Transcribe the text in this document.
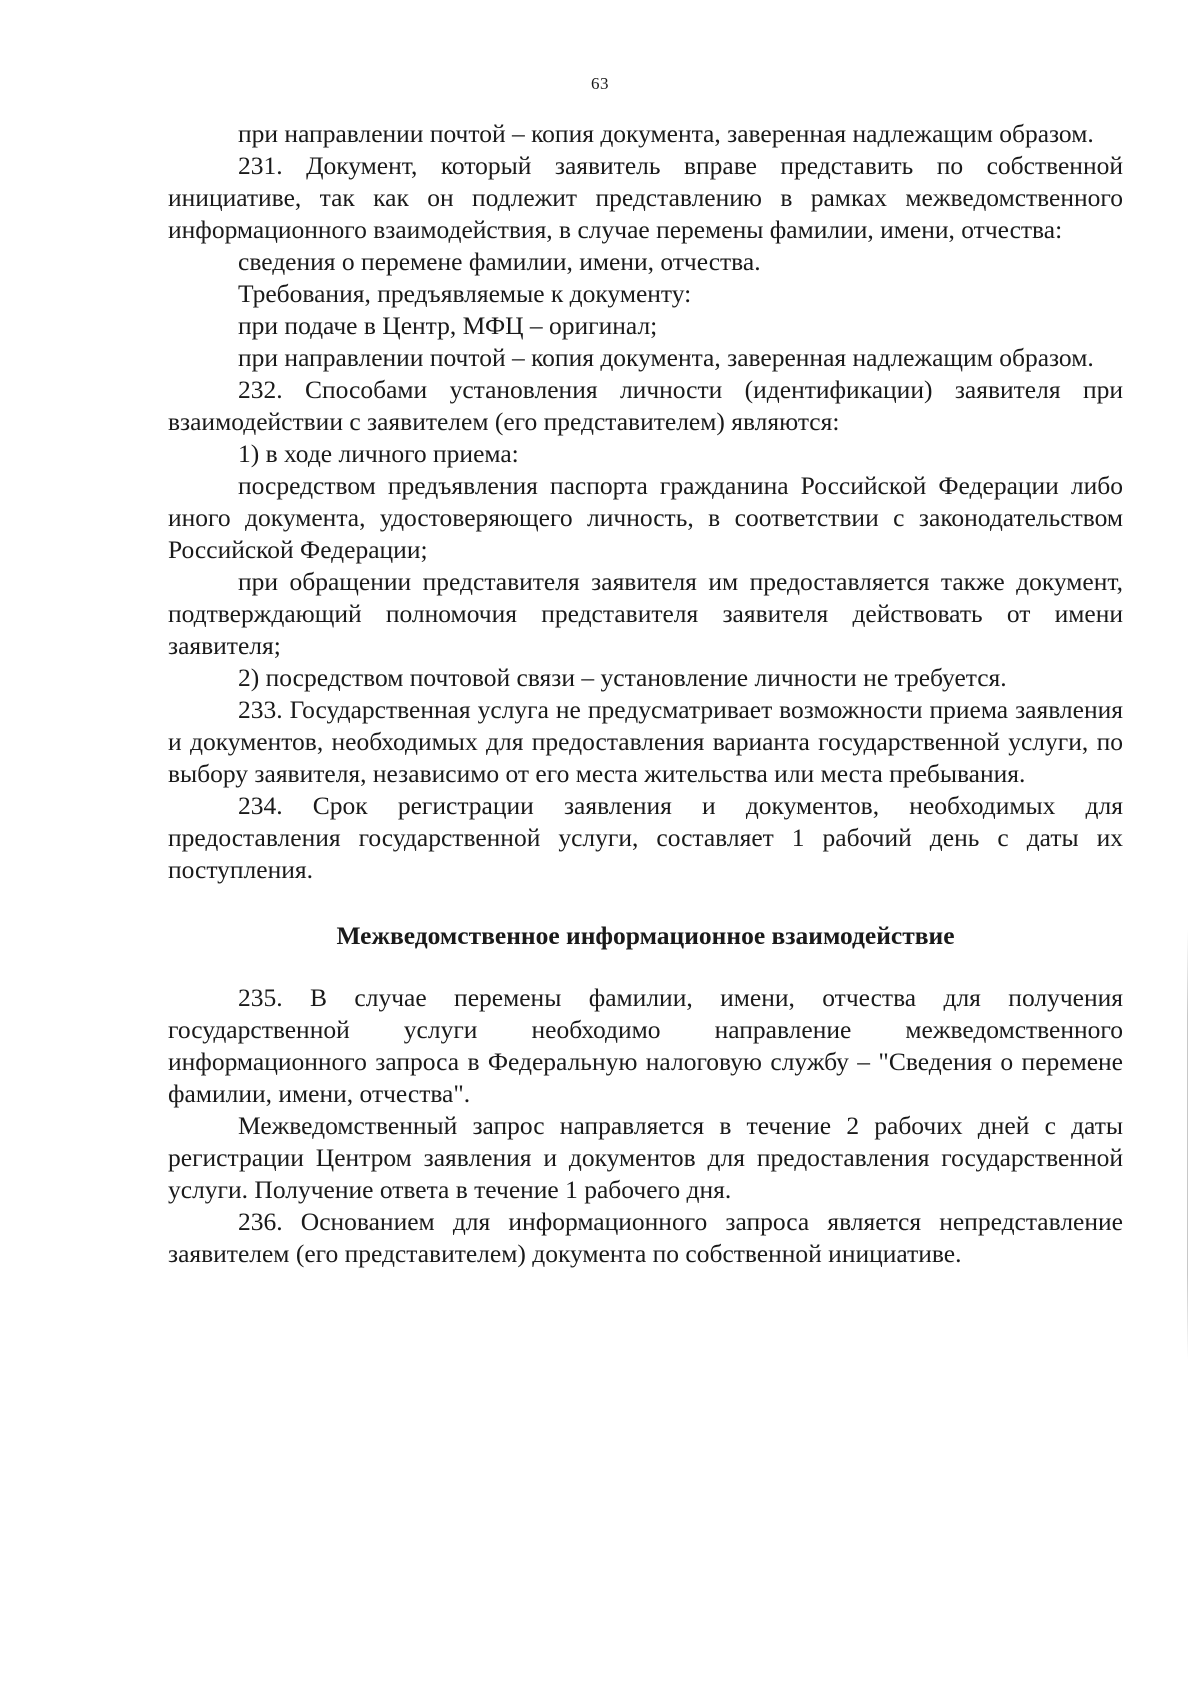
63

при направлении почтой – копия документа, заверенная надлежащим образом.

231. Документ, который заявитель вправе представить по собственной инициативе, так как он подлежит представлению в рамках межведомственного информационного взаимодействия, в случае перемены фамилии, имени, отчества:

сведения о перемене фамилии, имени, отчества.

Требования, предъявляемые к документу:

при подаче в Центр, МФЦ – оригинал;

при направлении почтой – копия документа, заверенная надлежащим образом.

232. Способами установления личности (идентификации) заявителя при взаимодействии с заявителем (его представителем) являются:

1) в ходе личного приема:

посредством предъявления паспорта гражданина Российской Федерации либо иного документа, удостоверяющего личность, в соответствии с законодательством Российской Федерации;

при обращении представителя заявителя им предоставляется также документ, подтверждающий полномочия представителя заявителя действовать от имени заявителя;

2) посредством почтовой связи – установление личности не требуется.

233. Государственная услуга не предусматривает возможности приема заявления и документов, необходимых для предоставления варианта государственной услуги, по выбору заявителя, независимо от его места жительства или места пребывания.

234. Срок регистрации заявления и документов, необходимых для предоставления государственной услуги, составляет 1 рабочий день с даты их поступления.

Межведомственное информационное взаимодействие

235. В случае перемены фамилии, имени, отчества для получения государственной услуги необходимо направление межведомственного информационного запроса в Федеральную налоговую службу – "Сведения о перемене фамилии, имени, отчества".

Межведомственный запрос направляется в течение 2 рабочих дней с даты регистрации Центром заявления и документов для предоставления государственной услуги. Получение ответа в течение 1 рабочего дня.

236. Основанием для информационного запроса является непредставление заявителем (его представителем) документа по собственной инициативе.
